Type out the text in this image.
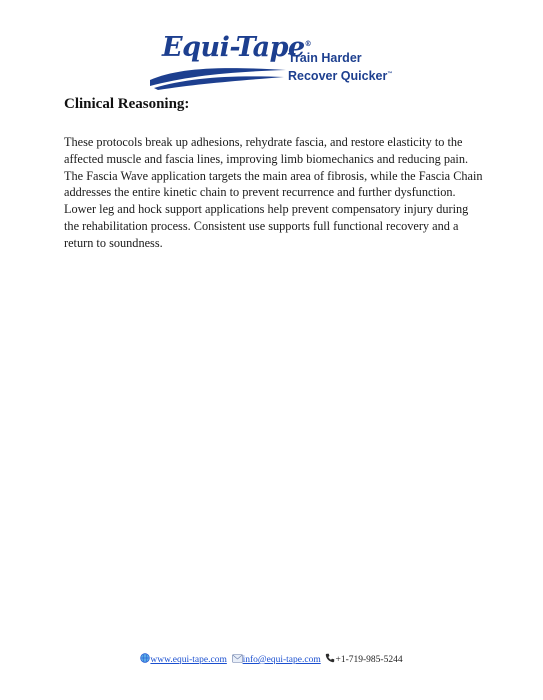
Equi-Tape®
Train Harder
Recover Quicker™
Clinical Reasoning:

These protocols break up adhesions, rehydrate fascia, and restore elasticity to the affected muscle and fascia lines, improving limb biomechanics and reducing pain. The Fascia Wave application targets the main area of fibrosis, while the Fascia Chain addresses the entire kinetic chain to prevent recurrence and further dysfunction. Lower leg and hock support applications help prevent compensatory injury during the rehabilitation process. Consistent use supports full functional recovery and a return to soundness.

www.equi-tape.com info@equi-tape.com +1-719-985-5244
